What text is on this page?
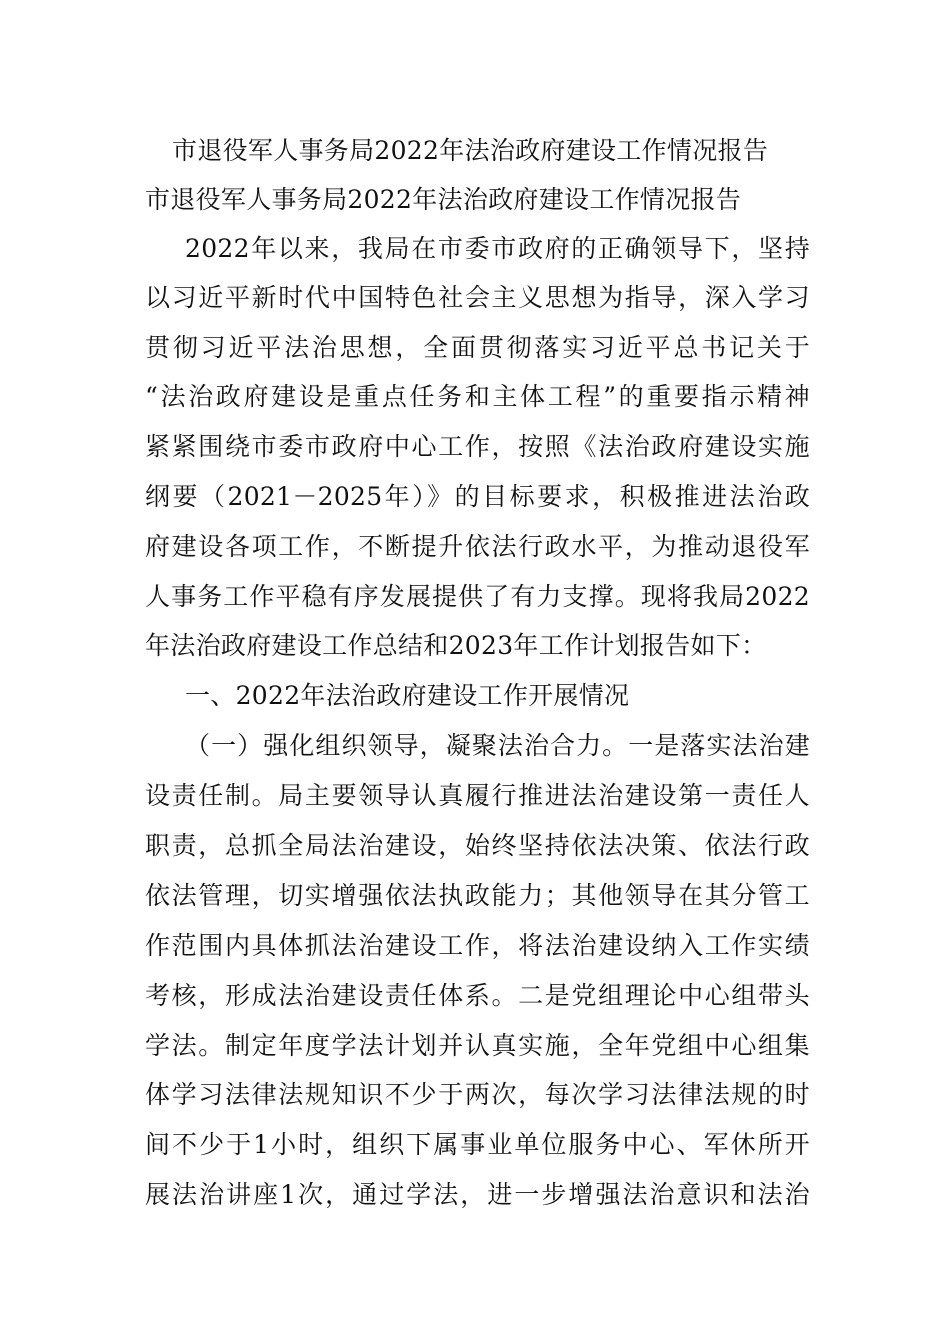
市退役军人事务局2022年法治政府建设工作情况报告
市退役军人事务局2022年法治政府建设工作情况报告
2022年以来，我局在市委市政府的正确领导下，坚持
以习近平新时代中国特色社会主义思想为指导，深入学习
贯彻习近平法治思想，全面贯彻落实习近平总书记关于
“法治政府建设是重点任务和主体工程”的重要指示精神
紧紧围绕市委市政府中心工作，按照《法治政府建设实施
纲要（2021－2025年）》的目标要求，积极推进法治政
府建设各项工作，不断提升依法行政水平，为推动退役军
人事务工作平稳有序发展提供了有力支撑。现将我局2022
年法治政府建设工作总结和2023年工作计划报告如下：
一、2022年法治政府建设工作开展情况
（一）强化组织领导，凝聚法治合力。一是落实法治建
设责任制。局主要领导认真履行推进法治建设第一责任人
职责，总抓全局法治建设，始终坚持依法决策、依法行政
依法管理，切实增强依法执政能力；其他领导在其分管工
作范围内具体抓法治建设工作，将法治建设纳入工作实绩
考核，形成法治建设责任体系。二是党组理论中心组带头
学法。制定年度学法计划并认真实施，全年党组中心组集
体学习法律法规知识不少于两次，每次学习法律法规的时
间不少于1小时，组织下属事业单位服务中心、军休所开
展法治讲座1次，通过学法，进一步增强法治意识和法治
